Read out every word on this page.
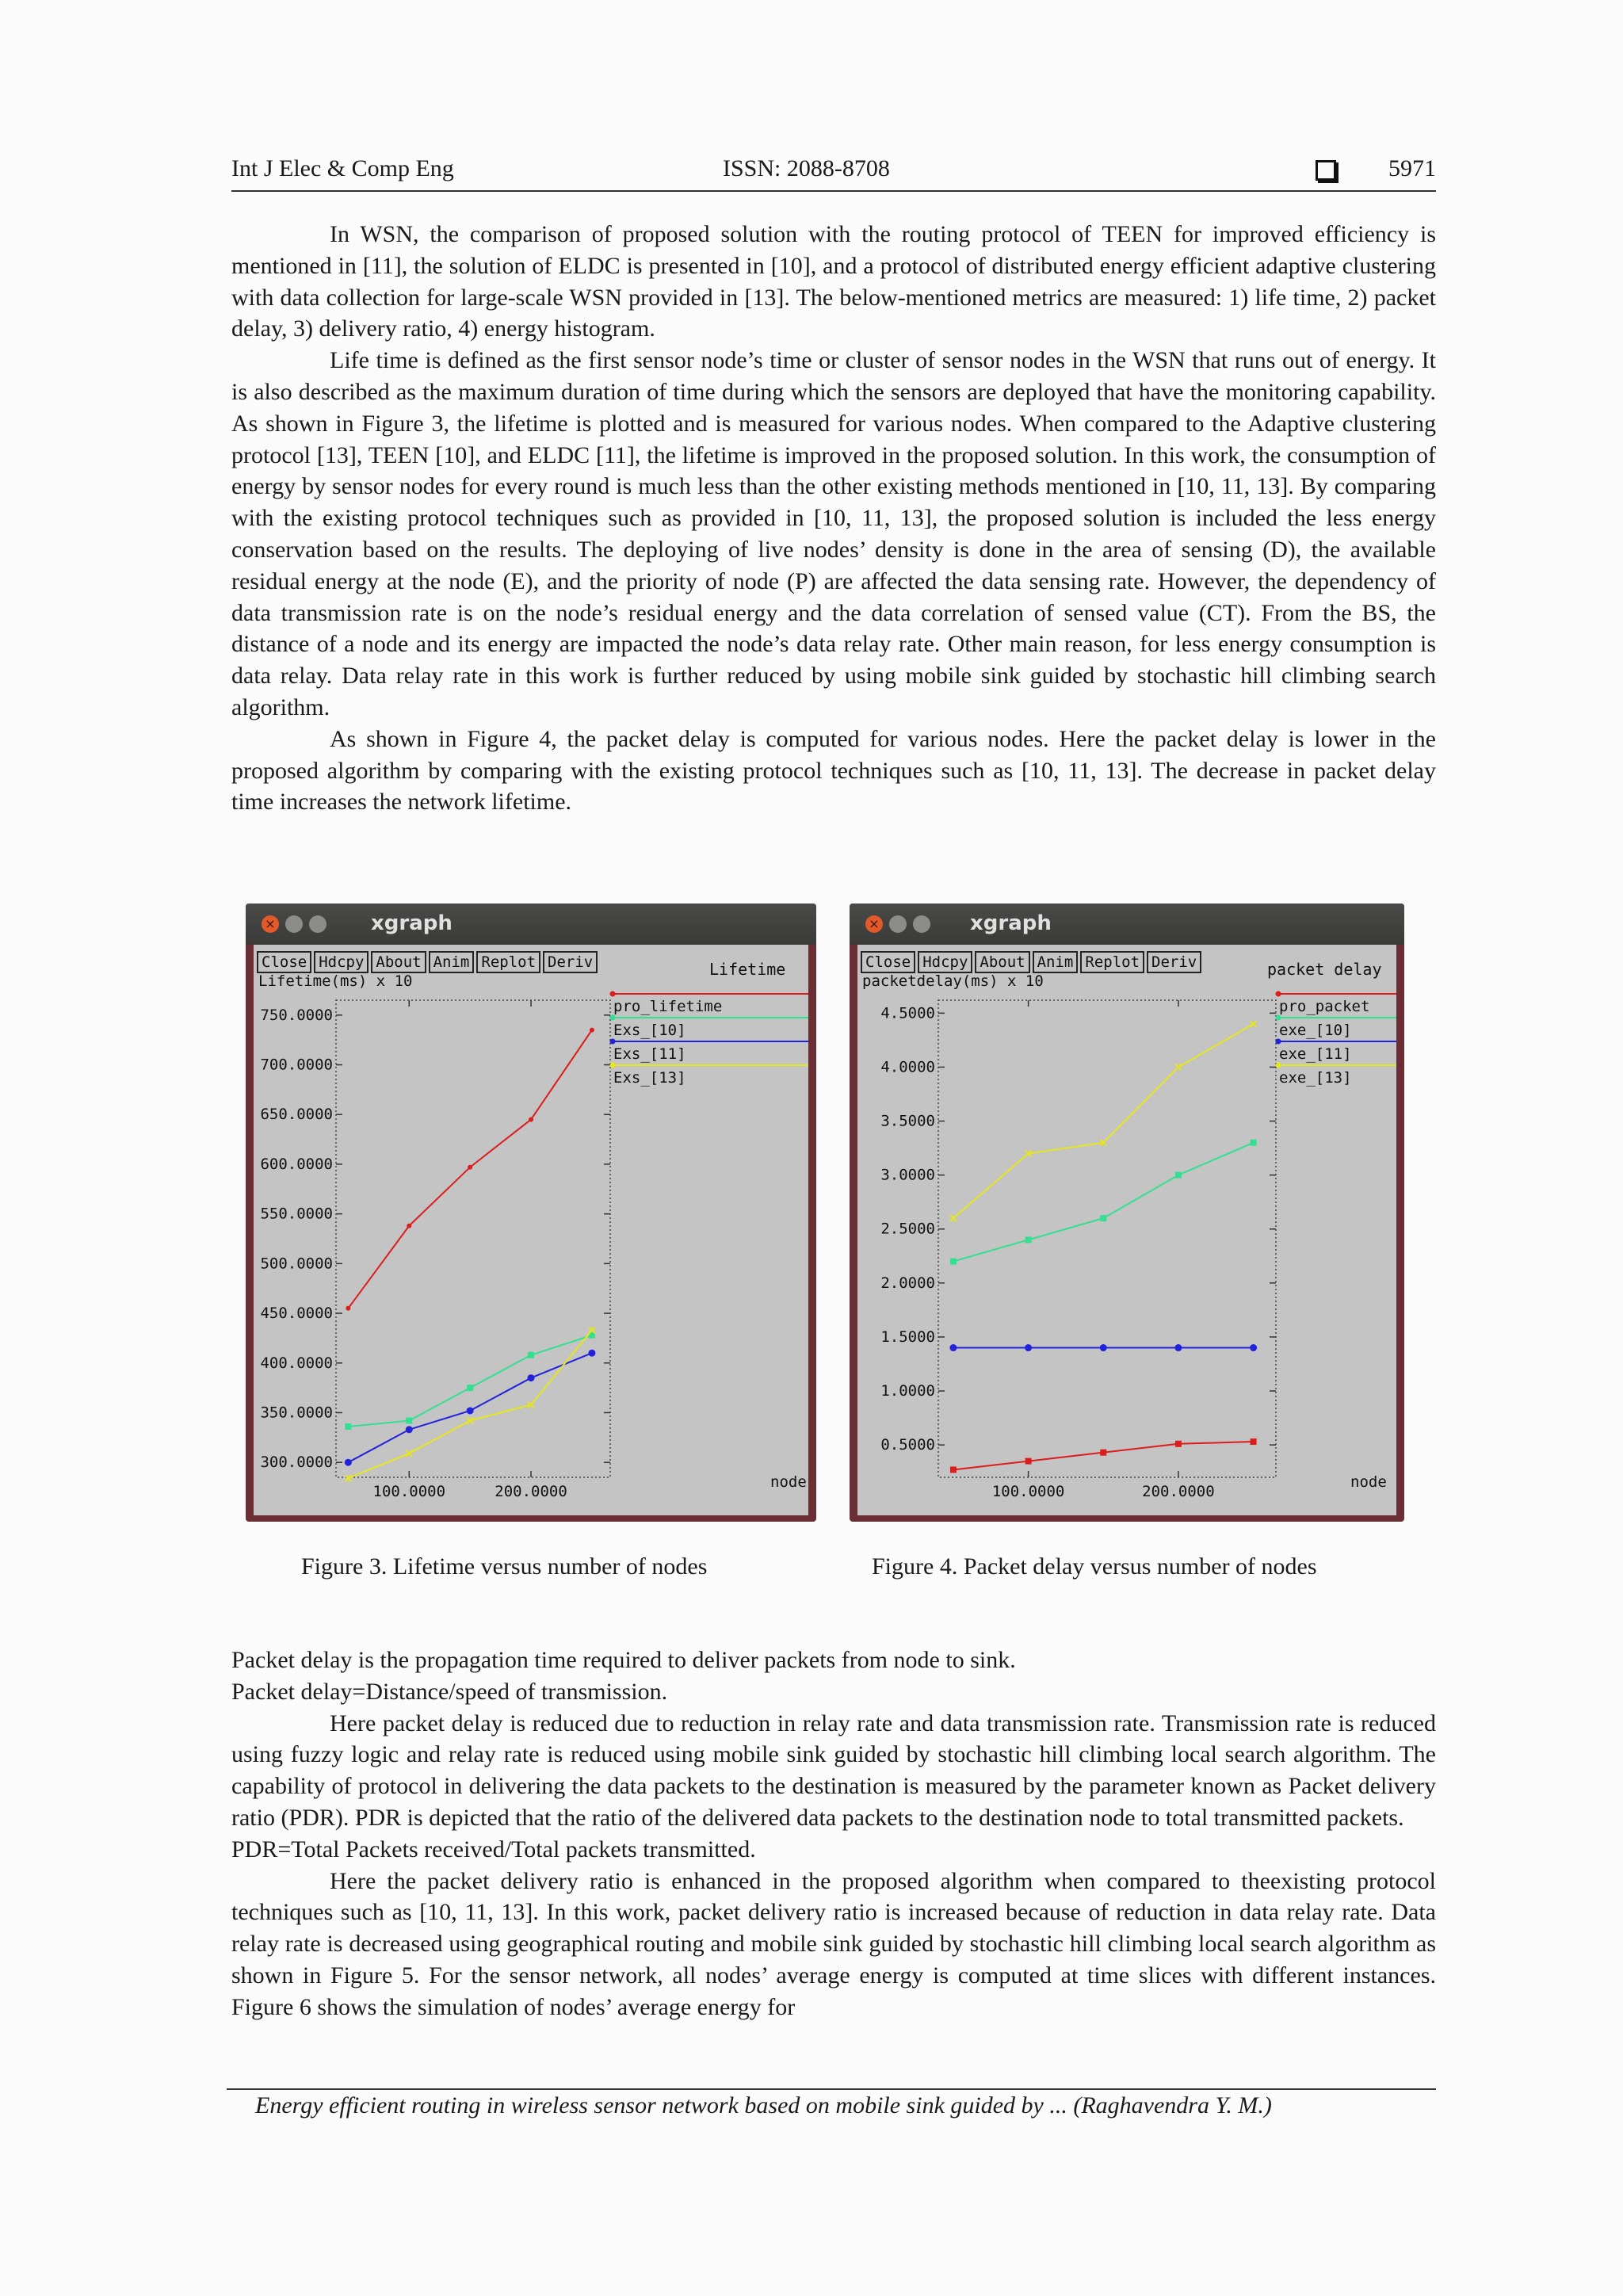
Int J Elec & Comp Eng	ISSN: 2088-8708	5971

In WSN, the comparison of proposed solution with the routing protocol of TEEN for improved efficiency is mentioned in [11], the solution of ELDC is presented in [10], and a protocol of distributed energy efficient adaptive clustering with data collection for large-scale WSN provided in [13]. The below-mentioned metrics are measured: 1) life time, 2) packet delay, 3) delivery ratio, 4) energy histogram.

Life time is defined as the first sensor node’s time or cluster of sensor nodes in the WSN that runs out of energy. It is also described as the maximum duration of time during which the sensors are deployed that have the monitoring capability. As shown in Figure 3, the lifetime is plotted and is measured for various nodes. When compared to the Adaptive clustering protocol [13], TEEN [10], and ELDC [11], the lifetime is improved in the proposed solution. In this work, the consumption of energy by sensor nodes for every round is much less than the other existing methods mentioned in [10, 11, 13]. By comparing with the existing protocol techniques such as provided in [10, 11, 13], the proposed solution is included the less energy conservation based on the results. The deploying of live nodes’ density is done in the area of sensing (D), the available residual energy at the node (E), and the priority of node (P) are affected the data sensing rate. However, the dependency of data transmission rate is on the node’s residual energy and the data correlation of sensed value (CT). From the BS, the distance of a node and its energy are impacted the node’s data relay rate. Other main reason, for less energy consumption is data relay. Data relay rate in this work is further reduced by using mobile sink guided by stochastic hill climbing search algorithm.

As shown in Figure 4, the packet delay is computed for various nodes. Here the packet delay is lower in the proposed algorithm by comparing with the existing protocol techniques such as [10, 11, 13]. The decrease in packet delay time increases the network lifetime.

×	xgraph
Close Hdcpy About Anim Replot Deriv	Lifetime
Lifetime(ms) x 10
750.0000
700.0000
650.0000
600.0000
550.0000
500.0000
450.0000
400.0000
350.0000
300.0000
100.0000	200.0000
node
pro_lifetime
Exs_[10]
Exs_[11]
Exs_[13]
×	xgraph
Close Hdcpy About Anim Replot Deriv	packet delay
packetdelay(ms) x 10
4.5000
4.0000
3.5000
3.0000
2.5000
2.0000
1.5000
1.0000
0.5000
100.0000	200.0000
node
pro_packet
exe_[10]
exe_[11]
exe_[13]
Figure 3. Lifetime versus number of nodes	Figure 4. Packet delay versus number of nodes

Packet delay is the propagation time required to deliver packets from node to sink.

Packet delay=Distance/speed of transmission.

Here packet delay is reduced due to reduction in relay rate and data transmission rate. Transmission rate is reduced using fuzzy logic and relay rate is reduced using mobile sink guided by stochastic hill climbing local search algorithm. The capability of protocol in delivering the data packets to the destination is measured by the parameter known as Packet delivery ratio (PDR). PDR is depicted that the ratio of the delivered data packets to the destination node to total transmitted packets.

PDR=Total Packets received/Total packets transmitted.

Here the packet delivery ratio is enhanced in the proposed algorithm when compared to theexisting protocol techniques such as [10, 11, 13]. In this work, packet delivery ratio is increased because of reduction in data relay rate. Data relay rate is decreased using geographical routing and mobile sink guided by stochastic hill climbing local search algorithm as shown in Figure 5. For the sensor network, all nodes’ average energy is computed at time slices with different instances. Figure 6 shows the simulation of nodes’ average energy for

Energy efficient routing in wireless sensor network based on mobile sink guided by ... (Raghavendra Y. M.)
